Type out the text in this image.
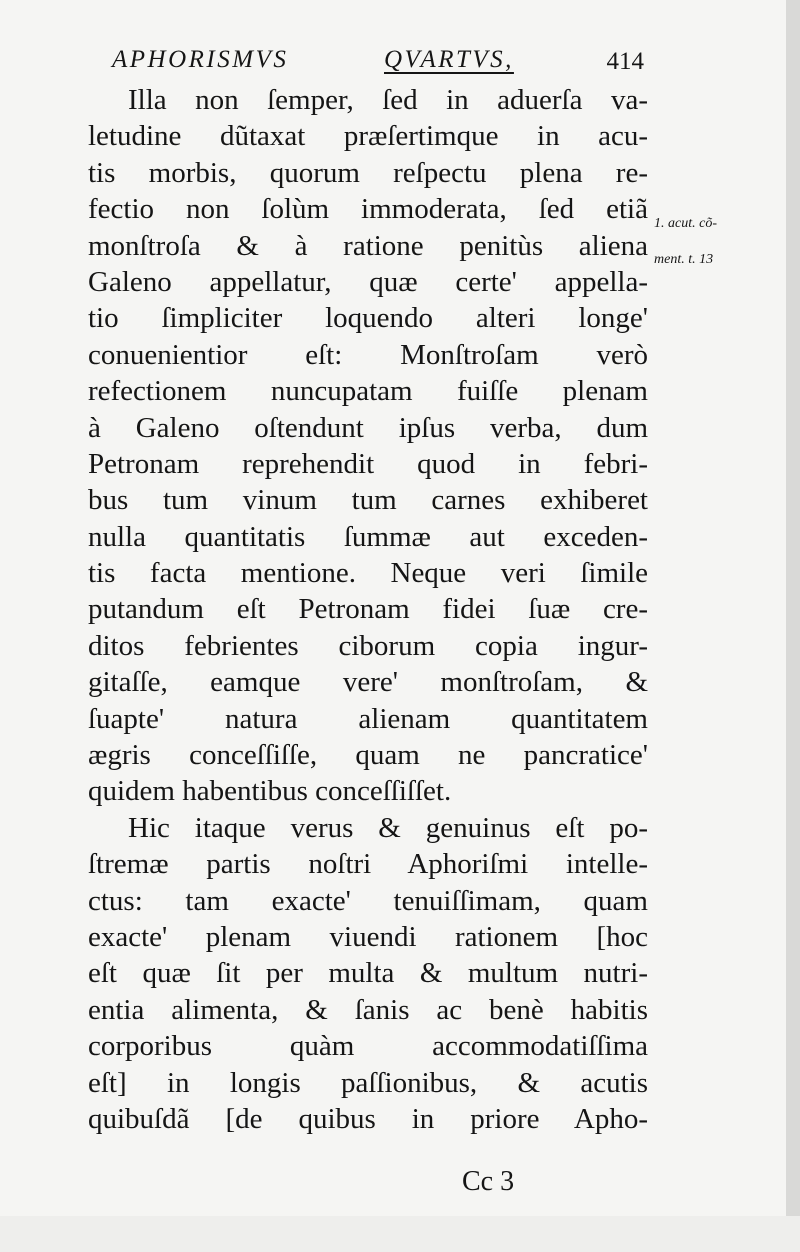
APHORISMVS	QVARTVS,	414
Illa non ſemper, ſed in aduerſa va-
letudine dũtaxat præſertimque in acu-
tis morbis, quorum reſpectu plena re-
fectio non ſolùm immoderata, ſed etiã
monſtroſa & à ratione penitùs aliena
Galeno appellatur, quæ certe' appella-
tio ſimpliciter loquendo alteri longe'
conuenientior eſt: Monſtroſam verò
refectionem nuncupatam fuiſſe plenam
à Galeno oſtendunt ipſus verba, dum
Petronam reprehendit quod in febri-
bus tum vinum tum carnes exhiberet
nulla quantitatis ſummæ aut exceden-
tis facta mentione. Neque veri ſimile
putandum eſt Petronam fidei ſuæ cre-
ditos febrientes ciborum copia ingur-
gitaſſe, eamque vere' monſtroſam, &
ſuapte' natura alienam quantitatem
ægris conceſſiſſe, quam ne pancratice'
quidem habentibus conceſſiſſet.
Hic itaque verus & genuinus eſt po-
ſtremæ partis noſtri Aphoriſmi intelle-
ctus: tam exacte' tenuiſſimam, quam
exacte' plenam viuendi rationem [hoc
eſt quæ ſit per multa & multum nutri-
entia alimenta, & ſanis ac benè habitis
corporibus quàm accommodatiſſima
eſt] in longis paſſionibus, & acutis
quibuſdã [de quibus in priore Apho-
1. acut. cõ-
ment. t. 13
Cc 3
